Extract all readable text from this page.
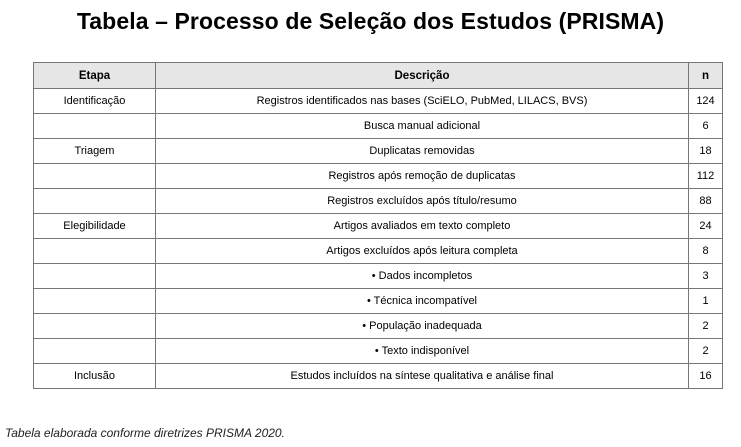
Tabela – Processo de Seleção dos Estudos (PRISMA)
Etapa	Descrição	n
Identificação	Registros identificados nas bases (SciELO, PubMed, LILACS, BVS)	124
	Busca manual adicional	6
Triagem	Duplicatas removidas	18
	Registros após remoção de duplicatas	112
	Registros excluídos após título/resumo	88
Elegibilidade	Artigos avaliados em texto completo	24
	Artigos excluídos após leitura completa	8
	• Dados incompletos	3
	• Técnica incompatível	1
	• População inadequada	2
	• Texto indisponível	2
Inclusão	Estudos incluídos na síntese qualitativa e análise final	16
Tabela elaborada conforme diretrizes PRISMA 2020.
